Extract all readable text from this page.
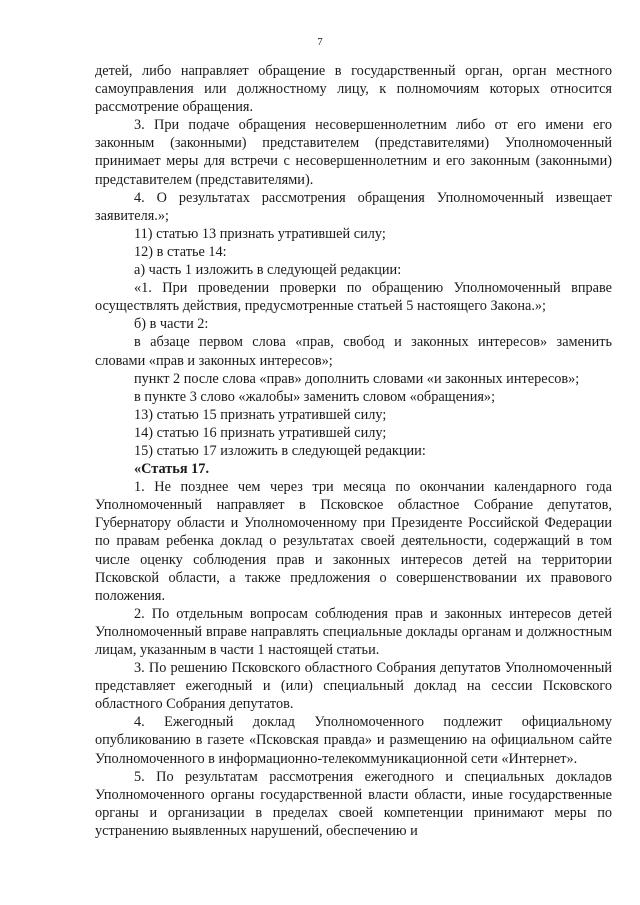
7

детей, либо направляет обращение в государственный орган, орган местного самоуправления или должностному лицу, к полномочиям которых относится рассмотрение обращения.

3. При подаче обращения несовершеннолетним либо от его имени его законным (законными) представителем (представителями) Уполномоченный принимает меры для встречи с несовершеннолетним и его законным (законными) представителем (представителями).

4. О результатах рассмотрения обращения Уполномоченный извещает заявителя.»;

11) статью 13 признать утратившей силу;

12) в статье 14:

а) часть 1 изложить в следующей редакции:

«1. При проведении проверки по обращению Уполномоченный вправе осуществлять действия, предусмотренные статьей 5 настоящего Закона.»;

б) в части 2:

в абзаце первом слова «прав, свобод и законных интересов» заменить словами «прав и законных интересов»;

пункт 2 после слова «прав» дополнить словами «и законных интересов»;

в пункте 3 слово «жалобы» заменить словом «обращения»;

13) статью 15 признать утратившей силу;

14) статью 16 признать утратившей силу;

15) статью 17 изложить в следующей редакции:

«Статья 17.

1. Не позднее чем через три месяца по окончании календарного года Уполномоченный направляет в Псковское областное Собрание депутатов, Губернатору области и Уполномоченному при Президенте Российской Федерации по правам ребенка доклад о результатах своей деятельности, содержащий в том числе оценку соблюдения прав и законных интересов детей на территории Псковской области, а также предложения о совершенствовании их правового положения.

2. По отдельным вопросам соблюдения прав и законных интересов детей Уполномоченный вправе направлять специальные доклады органам и должностным лицам, указанным в части 1 настоящей статьи.

3. По решению Псковского областного Собрания депутатов Уполномоченный представляет ежегодный и (или) специальный доклад на сессии Псковского областного Собрания депутатов.

4. Ежегодный доклад Уполномоченного подлежит официальному опубликованию в газете «Псковская правда» и размещению на официальном сайте Уполномоченного в информационно-телекоммуникационной сети «Интернет».

5. По результатам рассмотрения ежегодного и специальных докладов Уполномоченного органы государственной власти области, иные государственные органы и организации в пределах своей компетенции принимают меры по устранению выявленных нарушений, обеспечению и
